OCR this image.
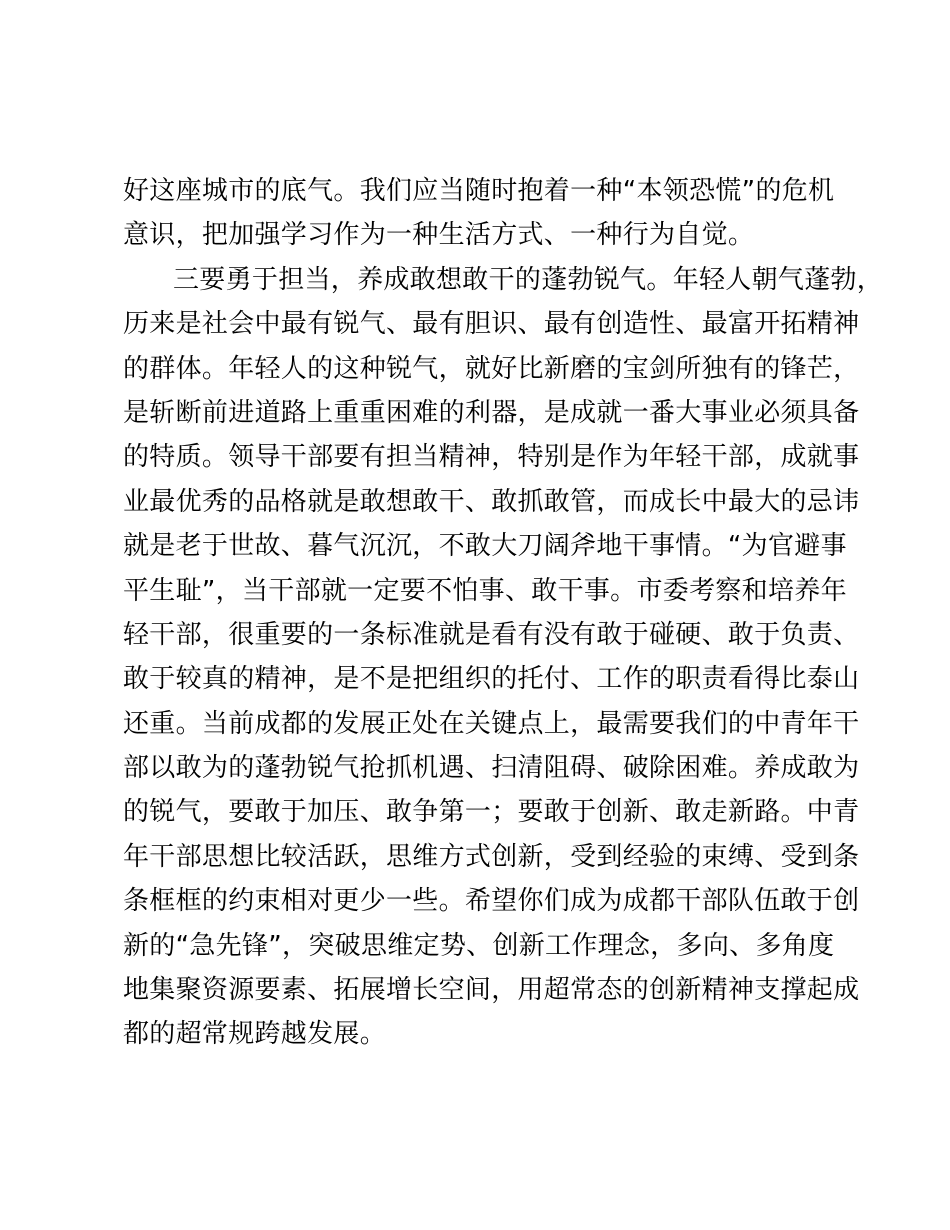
好这座城市的底气。我们应当随时抱着一种“本领恐慌”的危机
意识，把加强学习作为一种生活方式、一种行为自觉。
三要勇于担当，养成敢想敢干的蓬勃锐气。年轻人朝气蓬勃，
历来是社会中最有锐气、最有胆识、最有创造性、最富开拓精神
的群体。年轻人的这种锐气，就好比新磨的宝剑所独有的锋芒，
是斩断前进道路上重重困难的利器，是成就一番大事业必须具备
的特质。领导干部要有担当精神，特别是作为年轻干部，成就事
业最优秀的品格就是敢想敢干、敢抓敢管，而成长中最大的忌讳
就是老于世故、暮气沉沉，不敢大刀阔斧地干事情。“为官避事
平生耻”，当干部就一定要不怕事、敢干事。市委考察和培养年
轻干部，很重要的一条标准就是看有没有敢于碰硬、敢于负责、
敢于较真的精神，是不是把组织的托付、工作的职责看得比泰山
还重。当前成都的发展正处在关键点上，最需要我们的中青年干
部以敢为的蓬勃锐气抢抓机遇、扫清阻碍、破除困难。养成敢为
的锐气，要敢于加压、敢争第一；要敢于创新、敢走新路。中青
年干部思想比较活跃，思维方式创新，受到经验的束缚、受到条
条框框的约束相对更少一些。希望你们成为成都干部队伍敢于创
新的“急先锋”，突破思维定势、创新工作理念，多向、多角度
地集聚资源要素、拓展增长空间，用超常态的创新精神支撑起成
都的超常规跨越发展。
